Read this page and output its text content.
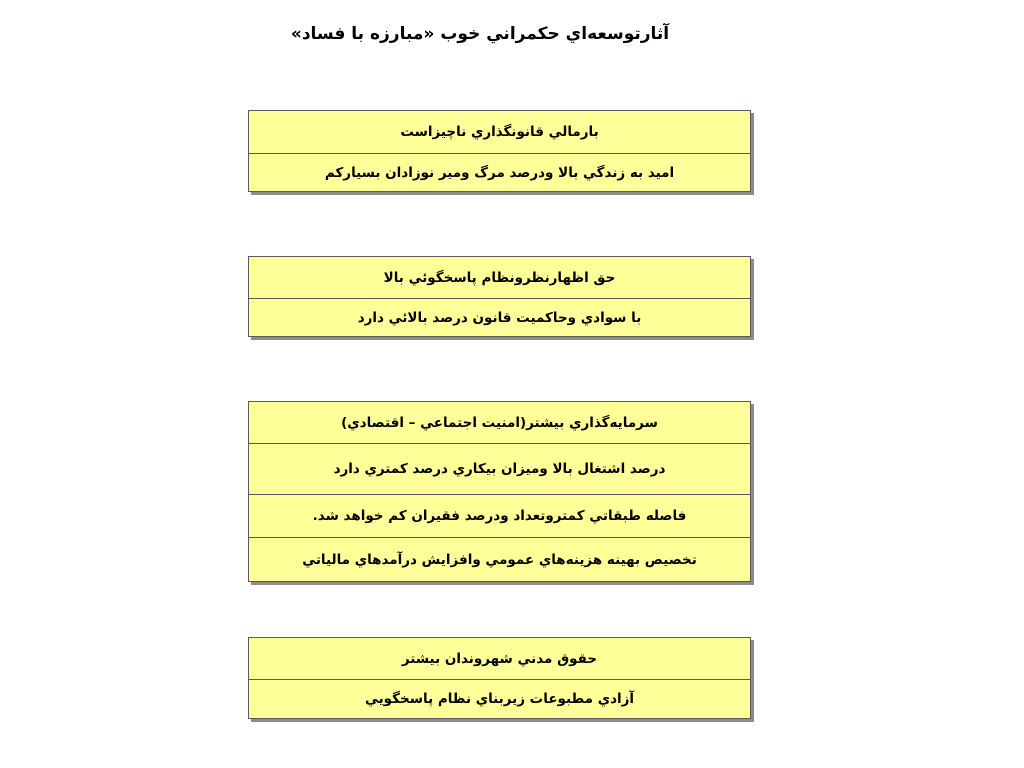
آثارتوسعه‌اي حكمراني خوب «مبارزه با فساد»
بارمالي قانونگذاري ناچيزاست
اميد به زندگي بالا ودرصد مرگ ومير نوزادان بسياركم
حق اظهارنظرونظام پاسخگوئي بالا
با سوادي وحاكميت قانون درصد بالائي دارد
سرمايه‌گذاري بيشتر(امنيت اجتماعي – اقتصادي)
درصد اشتغال بالا وميزان بيكاري درصد كمتري دارد
فاصله طبقاتي كمتروتعداد ودرصد فقيران كم خواهد شد.
تخصيص بهينه هزينه‌هاي عمومي وافزايش درآمدهاي مالياتي
حقوق مدني شهروندان بيشتر
آزادي مطبوعات زيربناي نظام پاسخگويي
